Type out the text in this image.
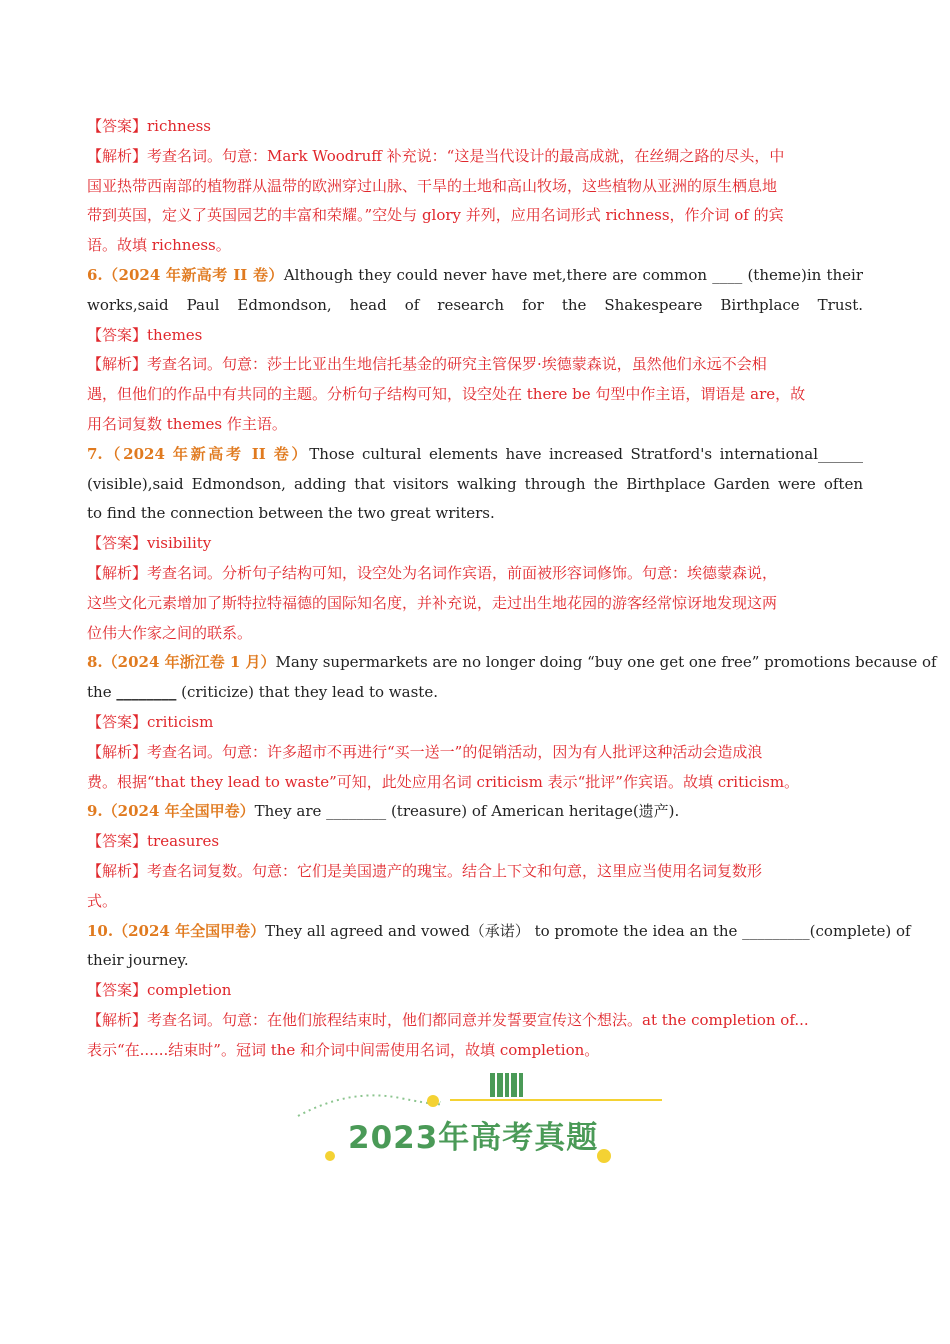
【答案】richness
【解析】考查名词。句意：Mark Woodruff 补充说：“这是当代设计的最高成就，在丝绸之路的尽头，中
国亚热带西南部的植物群从温带的欧洲穿过山脉、干旱的土地和高山牧场，这些植物从亚洲的原生栖息地
带到英国，定义了英国园艺的丰富和荣耀。”空处与 glory 并列，应用名词形式 richness，作介词 of 的宾
语。故填 richness。
6.（2024 年新高考 II 卷）Although they could never have met,there are common ____ (theme)in their
works,said Paul Edmondson, head of research for the Shakespeare Birthplace Trust.
【答案】themes
【解析】考查名词。句意：莎士比亚出生地信托基金的研究主管保罗·埃德蒙森说，虽然他们永远不会相
遇，但他们的作品中有共同的主题。分析句子结构可知，设空处在 there be 句型中作主语，谓语是 are，故
用名词复数 themes 作主语。
7.（2024 年新高考 II 卷）Those cultural elements have increased Stratford's international______
(visible),said Edmondson, adding that visitors walking through the Birthplace Garden were often
to find the connection between the two great writers.
【答案】visibility
【解析】考查名词。分析句子结构可知，设空处为名词作宾语，前面被形容词修饰。句意：埃德蒙森说，
这些文化元素增加了斯特拉特福德的国际知名度，并补充说，走过出生地花园的游客经常惊讶地发现这两
位伟大作家之间的联系。
8.（2024 年浙江卷 1 月）Many supermarkets are no longer doing “buy one get one free” promotions because of
the ________ (criticize) that they lead to waste.
【答案】criticism
【解析】考查名词。句意：许多超市不再进行“买一送一”的促销活动，因为有人批评这种活动会造成浪
费。根据“that they lead to waste”可知，此处应用名词 criticism 表示“批评”作宾语。故填 criticism。
9.（2024 年全国甲卷）They are ________ (treasure) of American heritage(遗产).
【答案】treasures
【解析】考查名词复数。句意：它们是美国遗产的瑰宝。结合上下文和句意，这里应当使用名词复数形
式。
10.（2024 年全国甲卷）They all agreed and vowed（承诺） to promote the idea an the _________(complete) of
their journey.
【答案】completion
【解析】考查名词。句意：在他们旅程结束时，他们都同意并发誓要宣传这个想法。at the completion of...
表示“在......结束时”。冠词 the 和介词中间需使用名词，故填 completion。
2023年高考真题
